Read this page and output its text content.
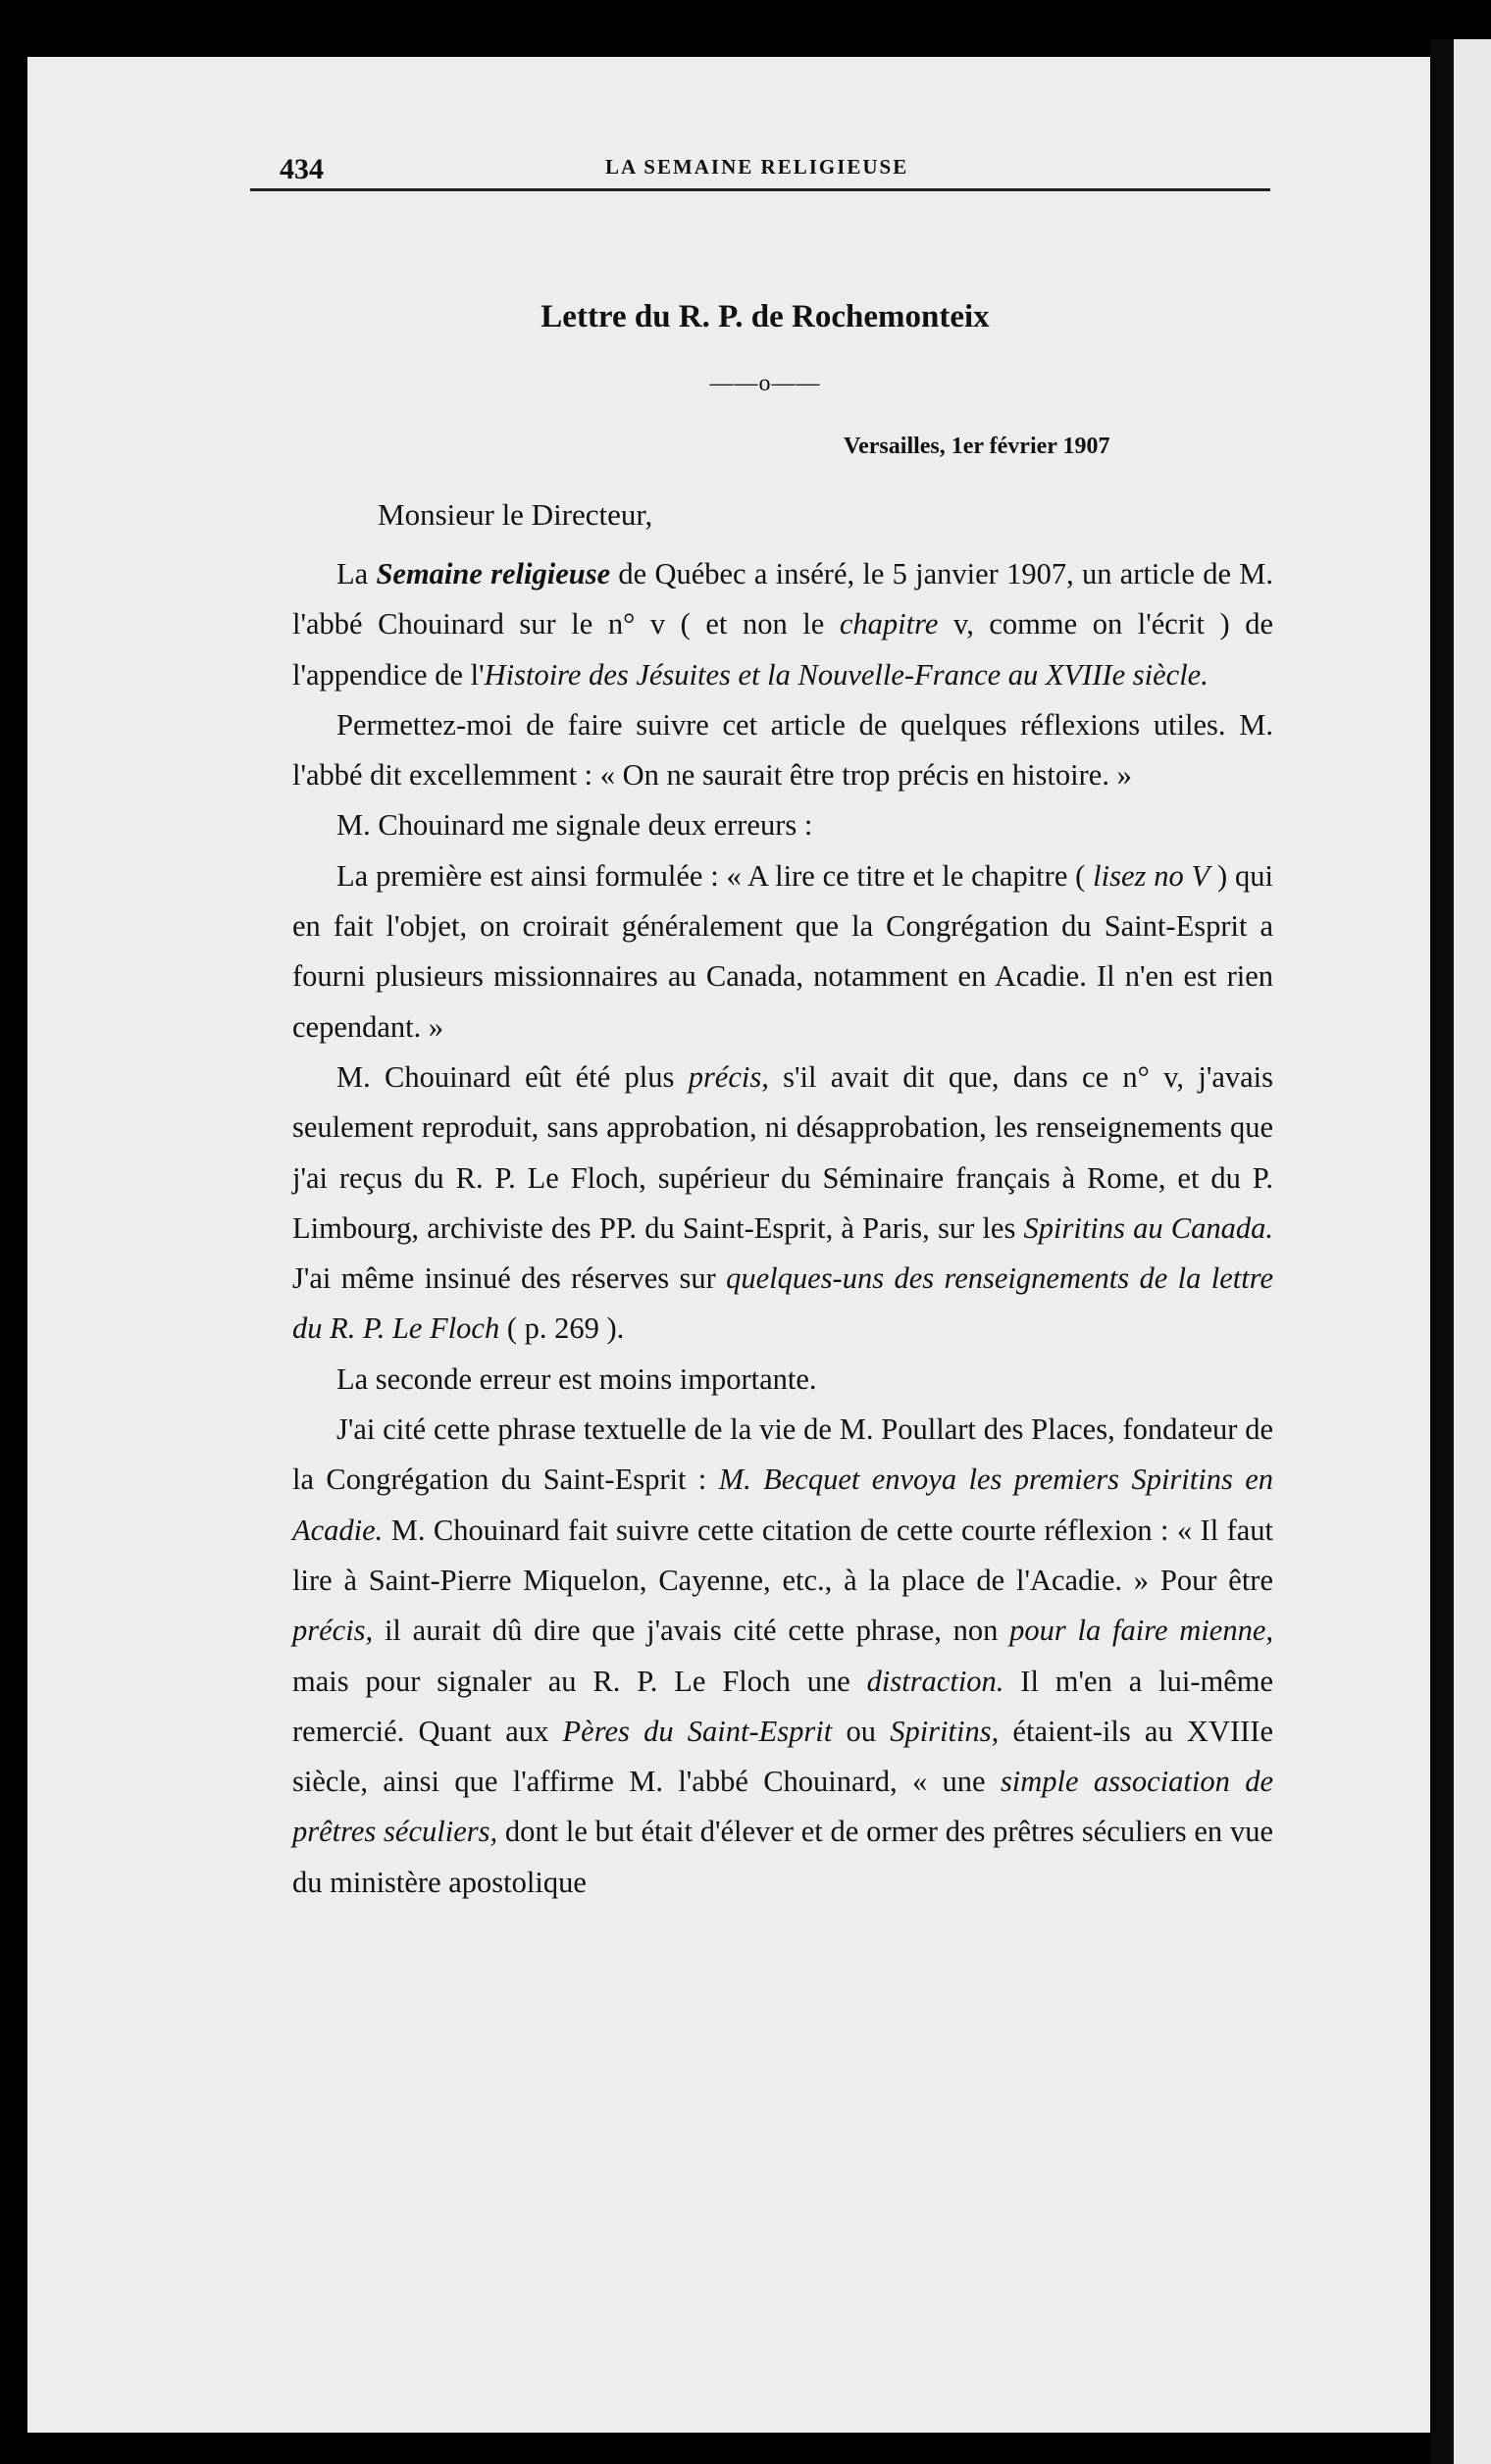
434	LA SEMAINE RELIGIEUSE
Lettre du R. P. de Rochemonteix
——o——
Versailles, 1er février 1907
Monsieur le Directeur,

La Semaine religieuse de Québec a inséré, le 5 janvier 1907, un article de M. l'abbé Chouinard sur le n° v ( et non le chapitre v, comme on l'écrit ) de l'appendice de l'Histoire des Jésuites et la Nouvelle-France au XVIIIe siècle.

Permettez-moi de faire suivre cet article de quelques réflexions utiles. M. l'abbé dit excellemment : « On ne saurait être trop précis en histoire. »

M. Chouinard me signale deux erreurs :

La première est ainsi formulée : « A lire ce titre et le chapitre ( lisez no V ) qui en fait l'objet, on croirait généralement que la Congrégation du Saint-Esprit a fourni plusieurs missionnaires au Canada, notamment en Acadie. Il n'en est rien cependant. »

M. Chouinard eût été plus précis, s'il avait dit que, dans ce n° v, j'avais seulement reproduit, sans approbation, ni désapprobation, les renseignements que j'ai reçus du R. P. Le Floch, supérieur du Séminaire français à Rome, et du P. Limbourg, archiviste des PP. du Saint-Esprit, à Paris, sur les Spiritins au Canada. J'ai même insinué des réserves sur quelques-uns des renseignements de la lettre du R. P. Le Floch ( p. 269 ).

La seconde erreur est moins importante.

J'ai cité cette phrase textuelle de la vie de M. Poullart des Places, fondateur de la Congrégation du Saint-Esprit : M. Becquet envoya les premiers Spiritins en Acadie. M. Chouinard fait suivre cette citation de cette courte réflexion : « Il faut lire à Saint-Pierre Miquelon, Cayenne, etc., à la place de l'Acadie. » Pour être précis, il aurait dû dire que j'avais cité cette phrase, non pour la faire mienne, mais pour signaler au R. P. Le Floch une distraction. Il m'en a lui-même remercié. Quant aux Pères du Saint-Esprit ou Spiritins, étaient-ils au XVIIIe siècle, ainsi que l'affirme M. l'abbé Chouinard, « une simple association de prêtres séculiers, dont le but était d'élever et de ormer des prêtres séculiers en vue du ministère apostolique
